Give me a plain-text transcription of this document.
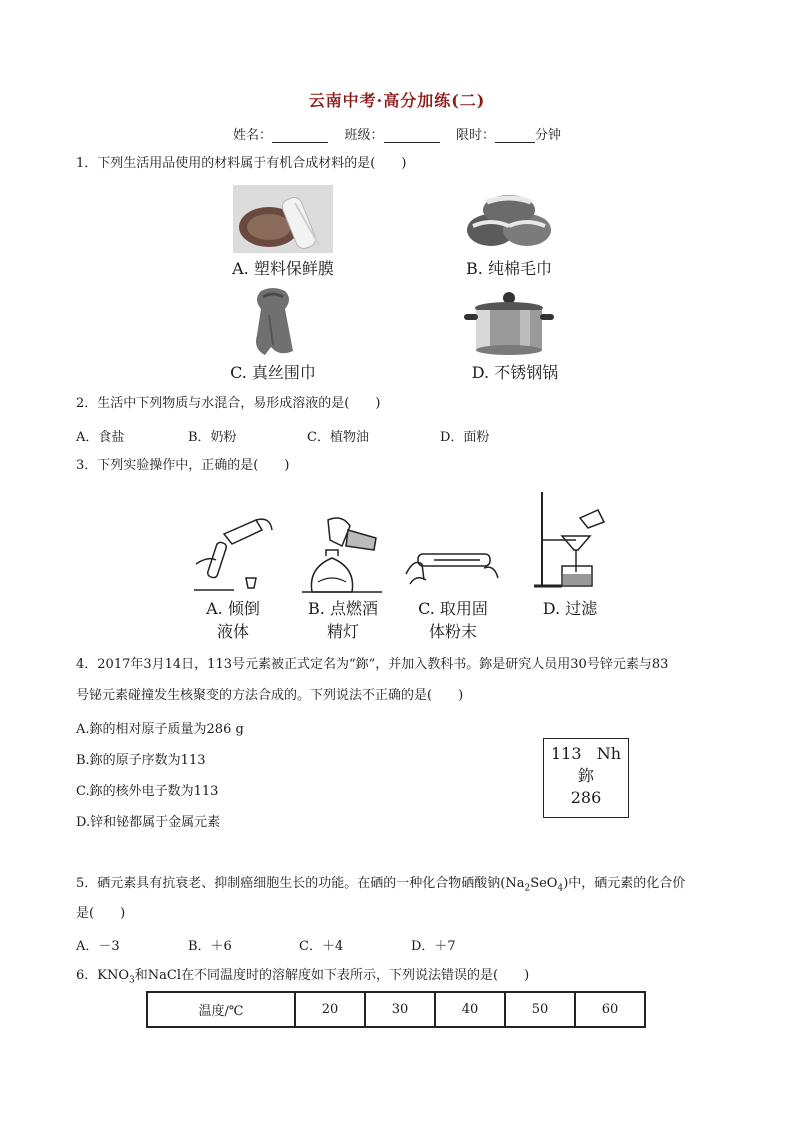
云南中考·高分加练(二)
姓名：	班级：	限时：	分钟
1．下列生活用品使用的材料属于有机合成材料的是(　　)
A. 塑料保鲜膜	B. 纯棉毛巾
C. 真丝围巾	D. 不锈钢锅
2．生活中下列物质与水混合，易形成溶液的是(　　)
A．食盐	B．奶粉	C．植物油	D．面粉
3．下列实验操作中，正确的是(　　)
A. 倾倒
液体
B. 点燃酒
精灯
C. 取用固
体粉末
D. 过滤
4．2017年3月14日，113号元素被正式定名为“鉨”，并加入教科书。鉨是研究人员用30号锌元素与83
号铋元素碰撞发生核聚变的方法合成的。下列说法不正确的是(　　)
A.鉨的相对原子质量为286 g
B.鉨的原子序数为113
C.鉨的核外电子数为113
D.锌和铋都属于金属元素
113 Nh
鉨
286
5．硒元素具有抗衰老、抑制癌细胞生长的功能。在硒的一种化合物硒酸钠$(Na_2SeO_4)$中，硒元素的化合价
是(　　)
A．－3	B．＋6	C．＋4	D．＋7
6．$KNO_3$和NaCl在不同温度时的溶解度如下表所示，下列说法错误的是(　　)
温度/℃	20	30	40	50	60
